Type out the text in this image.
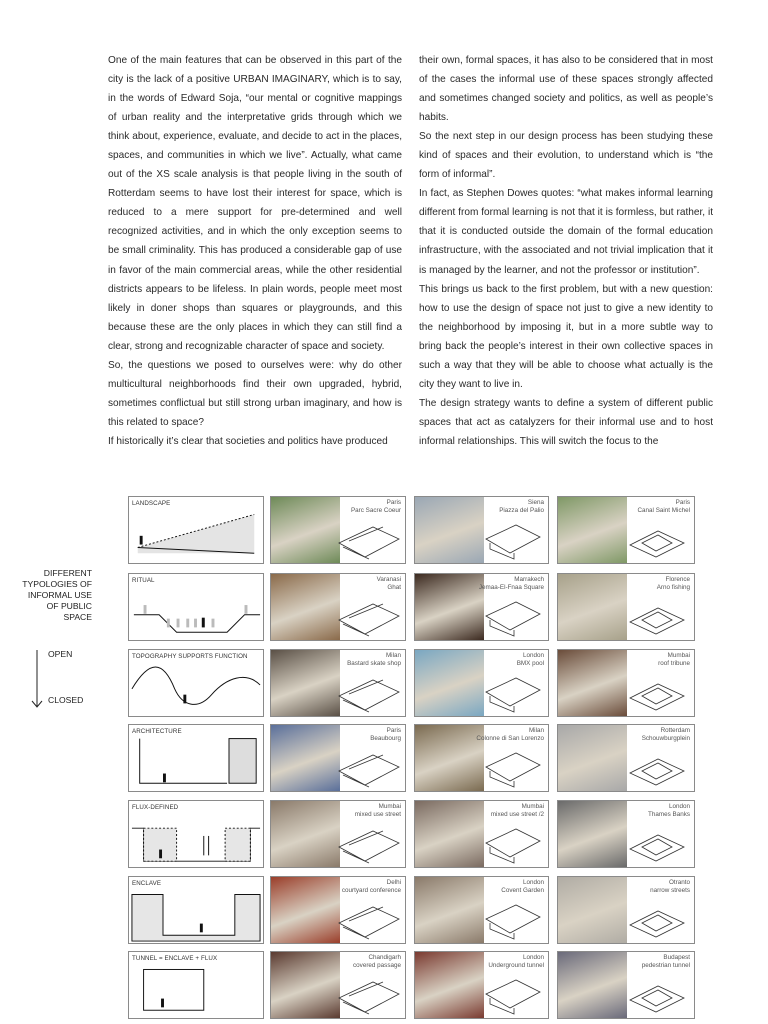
One of the main features that can be observed in this part of the city is the lack of a positive URBAN IMAGINARY, which is to say, in the words of Edward Soja, “our mental or cognitive mappings of urban reality and the interpretative grids through which we think about, experience, evaluate, and decide to act in the places, spaces, and communities in which we live”. Actually, what came out of the XS scale analysis is that people living in the south of Rotterdam seems to have lost their interest for space, which is reduced to a mere support for pre-determined and well recognized activities, and in which the only exception seems to be small criminality. This has produced a considerable gap of use in favor of the main commercial areas, while the other residential districts appears to be lifeless. In plain words, people meet most likely in doner shops than squares or playgrounds, and this because these are the only places in which they can still find a clear, strong and recognizable character of space and society.

So, the questions we posed to ourselves were: why do other multicultural neighborhoods find their own upgraded, hybrid, sometimes conflictual but still strong urban imaginary, and how is this related to space?

If historically it’s clear that societies and politics have produced

their own, formal spaces, it has also to be considered that in most of the cases the informal use of these spaces strongly affected and sometimes changed society and politics, as well as people’s habits.

So the next step in our design process has been studying these kind of spaces and their evolution, to understand which is “the form of informal”.

In fact, as Stephen Dowes quotes: “what makes informal learning different from formal learning is not that it is formless, but rather, it that it is conducted outside the domain of the formal education infrastructure, with the associated and not trivial implication that it is managed by the learner, and not the professor or institution”.

This brings us back to the first problem, but with a new question: how to use the design of space not just to give a new identity to the neighborhood by imposing it, but in a more subtle way to bring back the people’s interest in their own collective spaces in such a way that they will be able to choose what actually is the city they want to live in.

The design strategy wants to define a system of different public spaces that act as catalyzers for their informal use and to host informal relationships. This will switch the focus to the

DIFFERENT TYPOLOGIES OF INFORMAL USE OF PUBLIC SPACE
OPEN
CLOSED
LANDSCAPE	Paris
Parc Sacre Coeur
Siena
Piazza del Palio
Paris
Canal Saint Michel
RITUAL	Varanasi
Ghat
Marrakech
Jemaa-El-Fnaa Square
Florence
Arno fishing
TOPOGRAPHY SUPPORTS FUNCTION	Milan
Bastard skate shop
London
BMX pool
Mumbai
roof tribune
ARCHITECTURE	Paris
Beaubourg
Milan
Colonne di San Lorenzo
Rotterdam
Schouwburgplein
FLUX-DEFINED	Mumbai
mixed use street
Mumbai
mixed use street /2
London
Thames Banks
ENCLAVE	Delhi
courtyard conference
London
Covent Garden
Otranto
narrow streets
TUNNEL = ENCLAVE + FLUX	Chandigarh
covered passage
London
Underground tunnel
Budapest
pedestrian tunnel
